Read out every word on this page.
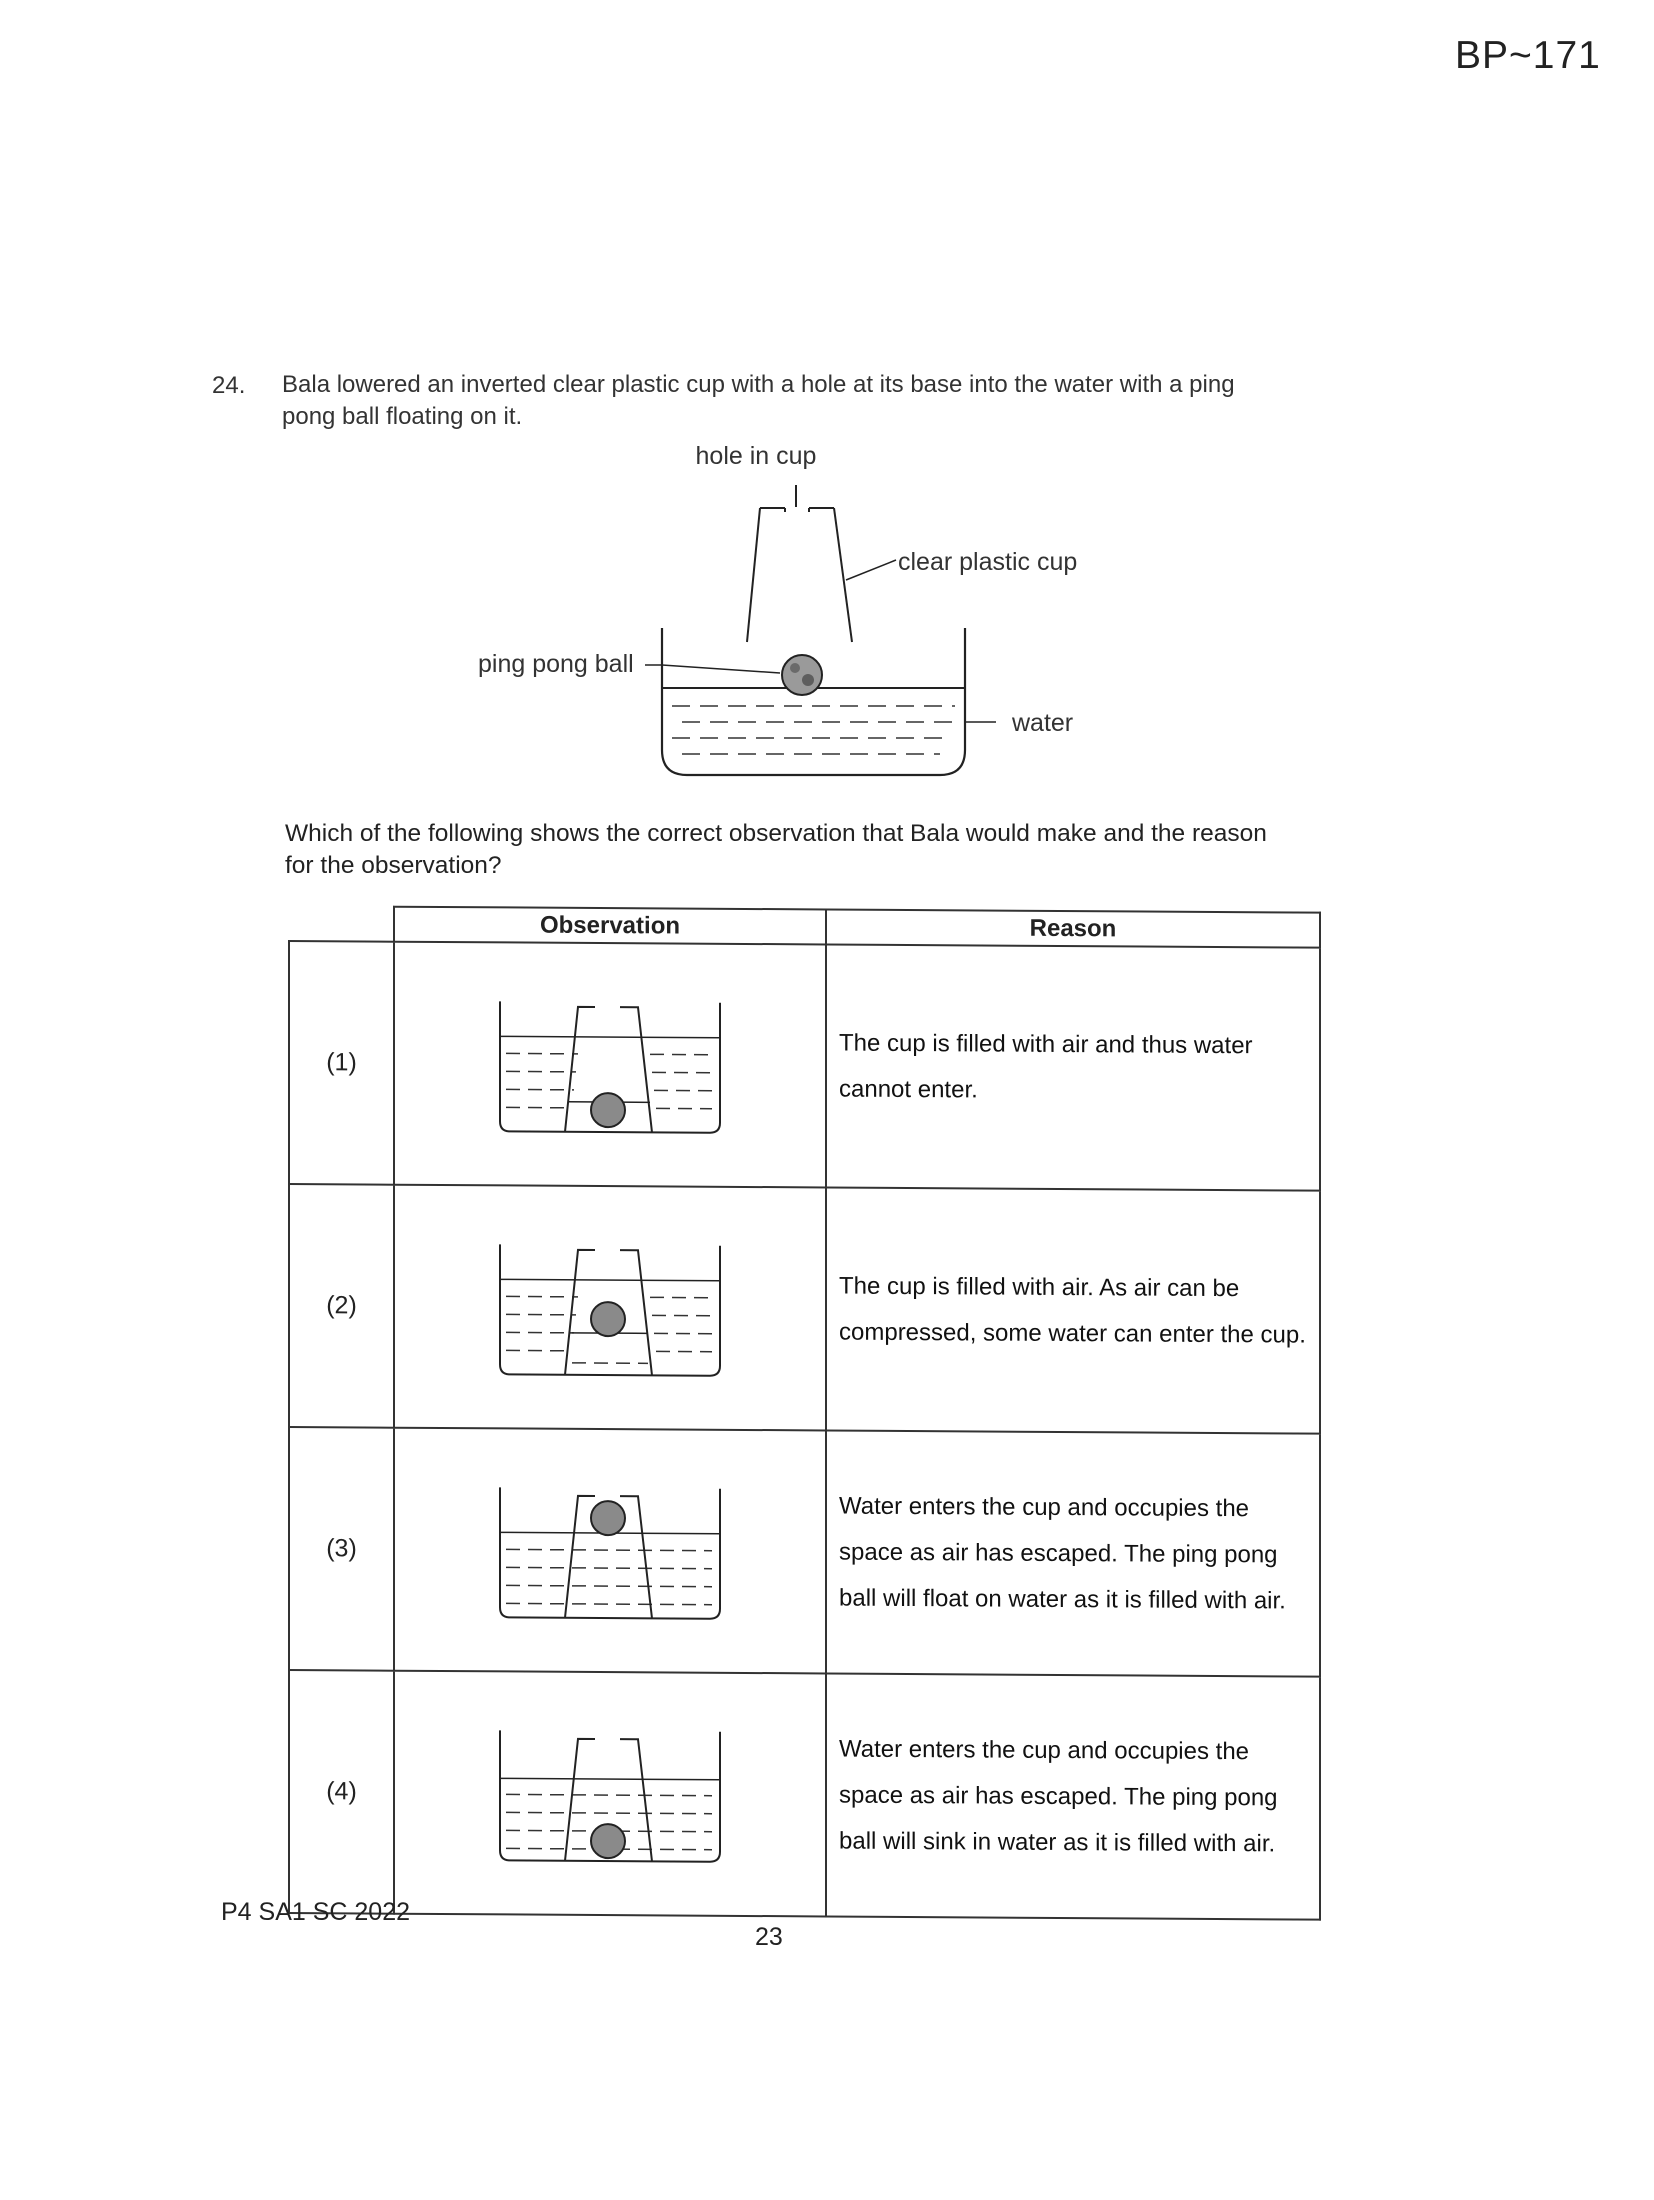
BP~171
24. Bala lowered an inverted clear plastic cup with a hole at its base into the water with a ping pong ball floating on it.
hole in cup
clear plastic cup
ping pong ball
water
Which of the following shows the correct observation that Bala would make and the reason for the observation?
	Observation	Reason
(1)		The cup is filled with air and thus water cannot enter.
(2)		The cup is filled with air. As air can be compressed, some water can enter the cup.
(3)		Water enters the cup and occupies the space as air has escaped. The ping pong ball will float on water as it is filled with air.
(4)		Water enters the cup and occupies the space as air has escaped. The ping pong ball will sink in water as it is filled with air.
P4 SA1 SC 2022
23
